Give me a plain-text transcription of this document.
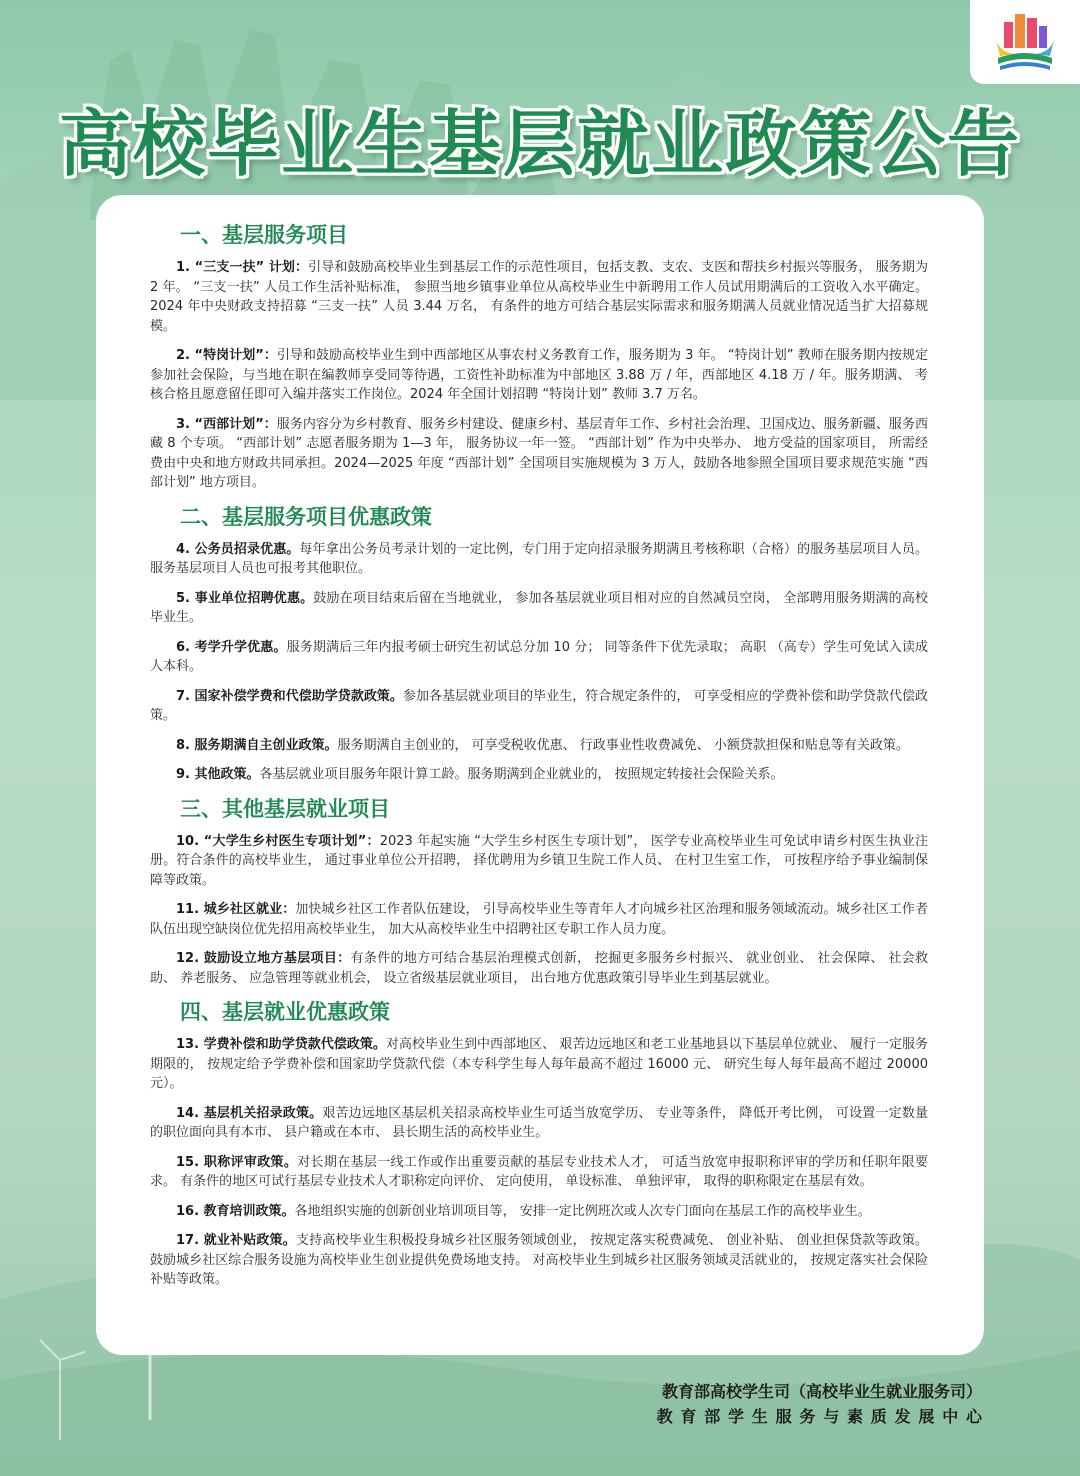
高校毕业生基层就业政策公告
一、基层服务项目

1. “三支一扶” 计划：引导和鼓励高校毕业生到基层工作的示范性项目，包括支教、支农、支医和帮扶乡村振兴等服务， 服务期为 2 年。 “三支一扶” 人员工作生活补贴标准， 参照当地乡镇事业单位从高校毕业生中新聘用工作人员试用期满后的工资收入水平确定。2024 年中央财政支持招募 “三支一扶” 人员 3.44 万名， 有条件的地方可结合基层实际需求和服务期满人员就业情况适当扩大招募规模。

2. “特岗计划”：引导和鼓励高校毕业生到中西部地区从事农村义务教育工作，服务期为 3 年。 “特岗计划” 教师在服务期内按规定参加社会保险，与当地在职在编教师享受同等待遇，工资性补助标准为中部地区 3.88 万 / 年，西部地区 4.18 万 / 年。服务期满、 考核合格且愿意留任即可入编并落实工作岗位。2024 年全国计划招聘 “特岗计划” 教师 3.7 万名。

3. “西部计划”：服务内容分为乡村教育、服务乡村建设、健康乡村、基层青年工作、乡村社会治理、卫国戍边、服务新疆、服务西藏 8 个专项。 “西部计划” 志愿者服务期为 1—3 年， 服务协议一年一签。 “西部计划” 作为中央举办、 地方受益的国家项目， 所需经费由中央和地方财政共同承担。2024—2025 年度 “西部计划” 全国项目实施规模为 3 万人，鼓励各地参照全国项目要求规范实施 “西部计划” 地方项目。

二、基层服务项目优惠政策

4. 公务员招录优惠。每年拿出公务员考录计划的一定比例，专门用于定向招录服务期满且考核称职（合格）的服务基层项目人员。服务基层项目人员也可报考其他职位。

5. 事业单位招聘优惠。鼓励在项目结束后留在当地就业， 参加各基层就业项目相对应的自然减员空岗， 全部聘用服务期满的高校毕业生。

6. 考学升学优惠。服务期满后三年内报考硕士研究生初试总分加 10 分； 同等条件下优先录取； 高职 （高专）学生可免试入读成人本科。

7. 国家补偿学费和代偿助学贷款政策。参加各基层就业项目的毕业生，符合规定条件的， 可享受相应的学费补偿和助学贷款代偿政策。

8. 服务期满自主创业政策。服务期满自主创业的， 可享受税收优惠、 行政事业性收费减免、 小额贷款担保和贴息等有关政策。

9. 其他政策。各基层就业项目服务年限计算工龄。服务期满到企业就业的， 按照规定转接社会保险关系。

三、其他基层就业项目

10. “大学生乡村医生专项计划”：2023 年起实施 “大学生乡村医生专项计划”， 医学专业高校毕业生可免试申请乡村医生执业注册。符合条件的高校毕业生， 通过事业单位公开招聘， 择优聘用为乡镇卫生院工作人员、 在村卫生室工作， 可按程序给予事业编制保障等政策。

11. 城乡社区就业：加快城乡社区工作者队伍建设， 引导高校毕业生等青年人才向城乡社区治理和服务领域流动。城乡社区工作者队伍出现空缺岗位优先招用高校毕业生， 加大从高校毕业生中招聘社区专职工作人员力度。

12. 鼓励设立地方基层项目：有条件的地方可结合基层治理模式创新， 挖掘更多服务乡村振兴、 就业创业、 社会保障、 社会救助、 养老服务、 应急管理等就业机会， 设立省级基层就业项目， 出台地方优惠政策引导毕业生到基层就业。

四、基层就业优惠政策

13. 学费补偿和助学贷款代偿政策。对高校毕业生到中西部地区、 艰苦边远地区和老工业基地县以下基层单位就业、 履行一定服务期限的， 按规定给予学费补偿和国家助学贷款代偿（本专科学生每人每年最高不超过 16000 元、 研究生每人每年最高不超过 20000 元）。

14. 基层机关招录政策。艰苦边远地区基层机关招录高校毕业生可适当放宽学历、 专业等条件， 降低开考比例， 可设置一定数量的职位面向具有本市、 县户籍或在本市、 县长期生活的高校毕业生。

15. 职称评审政策。对长期在基层一线工作或作出重要贡献的基层专业技术人才， 可适当放宽申报职称评审的学历和任职年限要求。 有条件的地区可试行基层专业技术人才职称定向评价、 定向使用， 单设标准、 单独评审， 取得的职称限定在基层有效。

16. 教育培训政策。各地组织实施的创新创业培训项目等， 安排一定比例班次或人次专门面向在基层工作的高校毕业生。

17. 就业补贴政策。支持高校毕业生积极投身城乡社区服务领域创业， 按规定落实税费减免、 创业补贴、 创业担保贷款等政策。 鼓励城乡社区综合服务设施为高校毕业生创业提供免费场地支持。 对高校毕业生到城乡社区服务领域灵活就业的， 按规定落实社会保险补贴等政策。

教育部高校学生司（高校毕业生就业服务司）
教育部学生服务与素质发展中心
